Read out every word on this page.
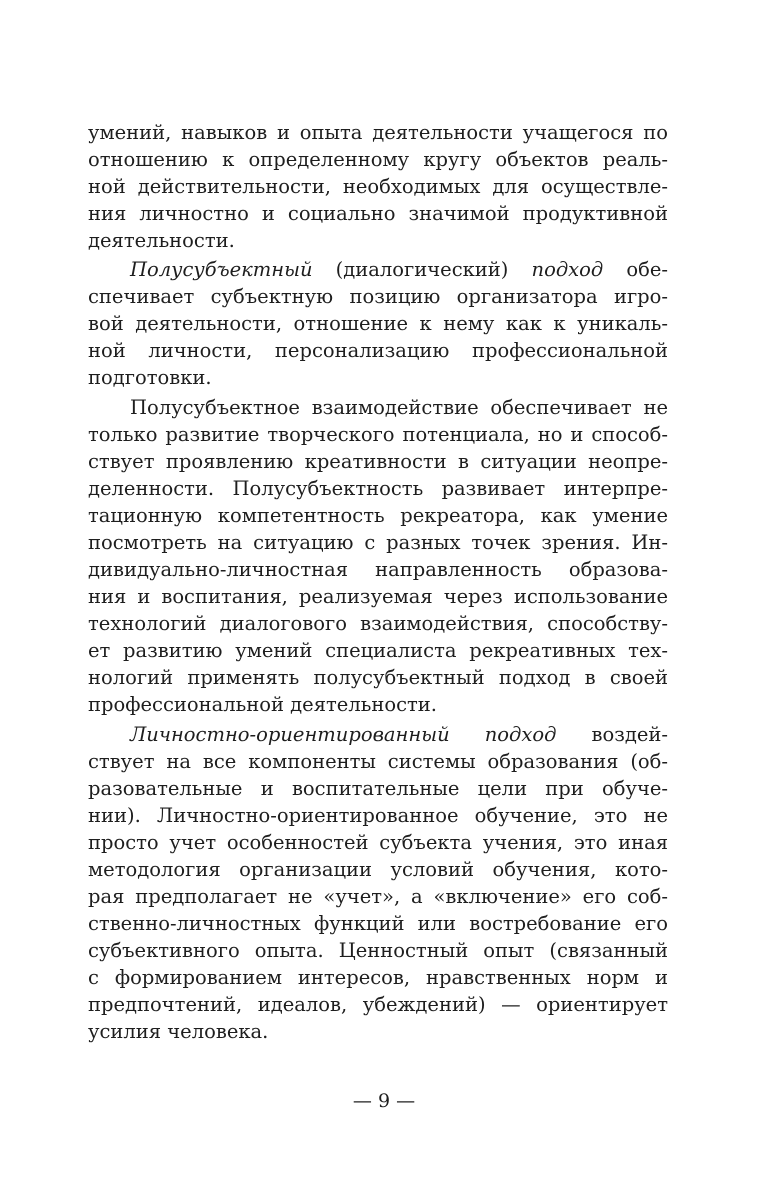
умений, навыков и опыта деятельности учащегося по
отношению к определенному кругу объектов реаль-
ной действительности, необходимых для осуществле-
ния личностно и социально значимой продуктивной
деятельности.
Полусубъектный (диалогический) подход обе-
спечивает субъектную позицию организатора игро-
вой деятельности, отношение к нему как к уникаль-
ной личности, персонализацию профессиональной
подготовки.
Полусубъектное взаимодействие обеспечивает не
только развитие творческого потенциала, но и способ-
ствует проявлению креативности в ситуации неопре-
деленности. Полусубъектность развивает интерпре-
тационную компетентность рекреатора, как умение
посмотреть на ситуацию с разных точек зрения. Ин-
дивидуально-личностная направленность образова-
ния и воспитания, реализуемая через использование
технологий диалогового взаимодействия, способству-
ет развитию умений специалиста рекреативных тех-
нологий применять полусубъектный подход в своей
профессиональной деятельности.
Личностно-ориентированный подход воздей-
ствует на все компоненты системы образования (об-
разовательные и воспитательные цели при обуче-
нии). Личностно-ориентированное обучение, это не
просто учет особенностей субъекта учения, это иная
методология организации условий обучения, кото-
рая предполагает не «учет», а «включение» его соб-
ственно-личностных функций или востребование его
субъективного опыта. Ценностный опыт (связанный
с формированием интересов, нравственных норм и
предпочтений, идеалов, убеждений) — ориентирует
усилия человека.
— 9 —
